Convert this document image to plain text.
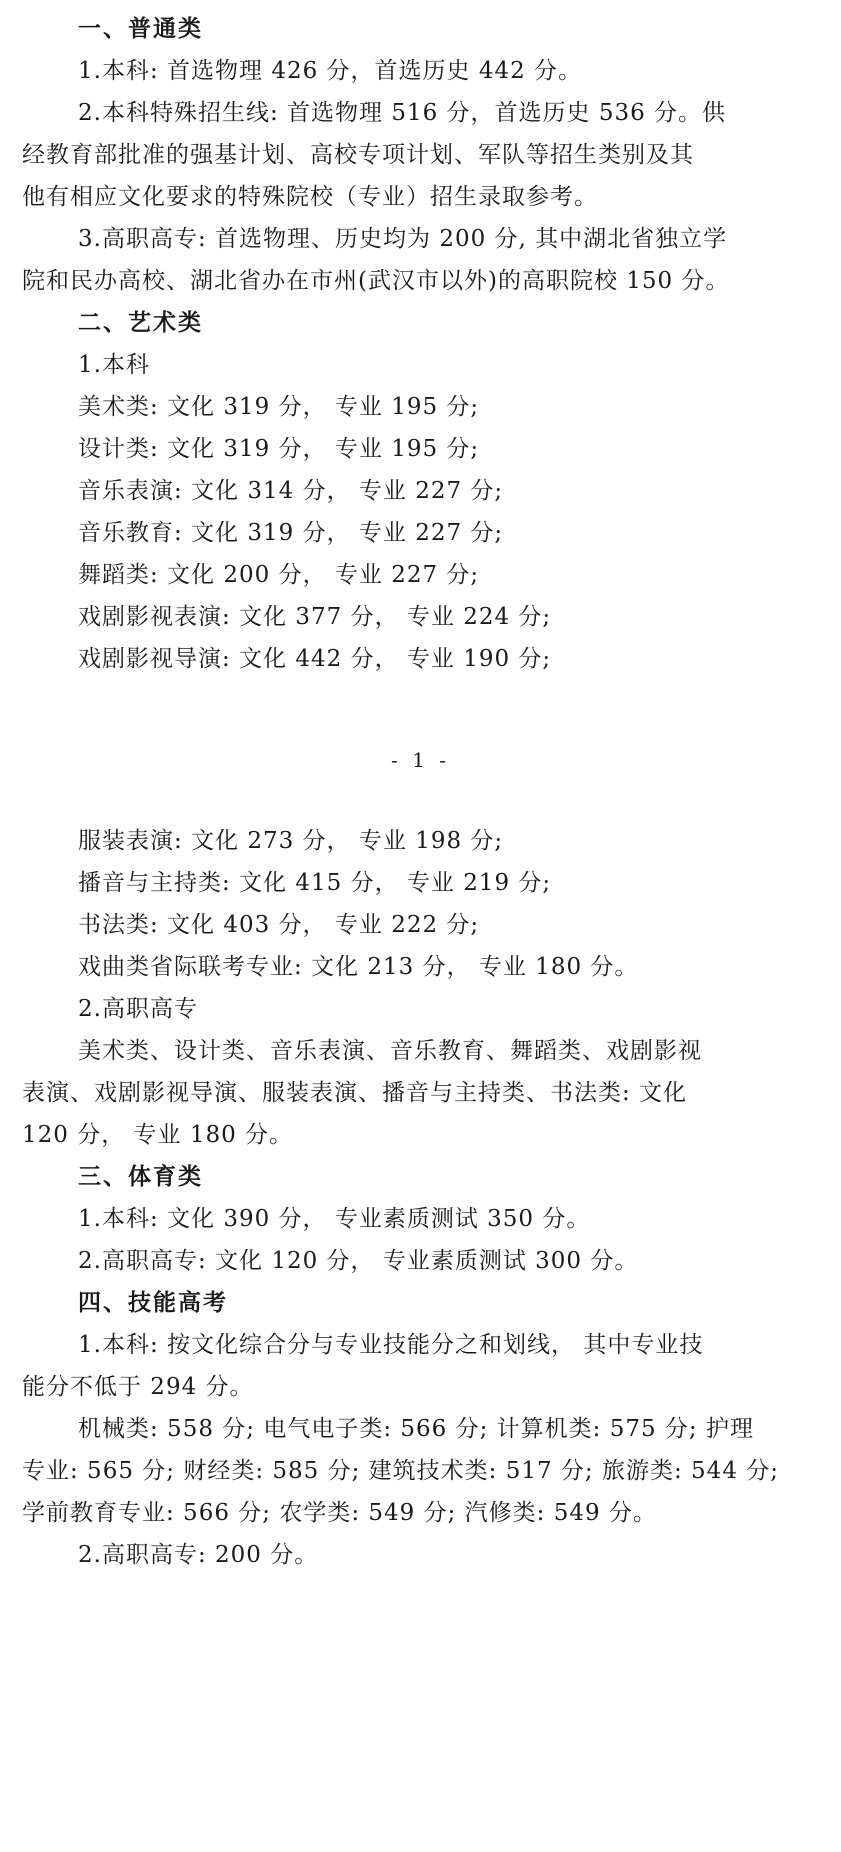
一、普通类
1.本科: 首选物理 426 分，首选历史 442 分。
2.本科特殊招生线: 首选物理 516 分，首选历史 536 分。供
经教育部批准的强基计划、高校专项计划、军队等招生类别及其
他有相应文化要求的特殊院校（专业）招生录取参考。
3.高职高专: 首选物理、历史均为 200 分, 其中湖北省独立学
院和民办高校、湖北省办在市州(武汉市以外)的高职院校 150 分。
二、艺术类
1.本科
美术类: 文化 319 分， 专业 195 分;
设计类: 文化 319 分， 专业 195 分;
音乐表演: 文化 314 分， 专业 227 分;
音乐教育: 文化 319 分， 专业 227 分;
舞蹈类: 文化 200 分， 专业 227 分;
戏剧影视表演: 文化 377 分， 专业 224 分;
戏剧影视导演: 文化 442 分， 专业 190 分;
- 1 -
服装表演: 文化 273 分， 专业 198 分;
播音与主持类: 文化 415 分， 专业 219 分;
书法类: 文化 403 分， 专业 222 分;
戏曲类省际联考专业: 文化 213 分， 专业 180 分。
2.高职高专
美术类、设计类、音乐表演、音乐教育、舞蹈类、戏剧影视
表演、戏剧影视导演、服装表演、播音与主持类、书法类: 文化
120 分， 专业 180 分。
三、体育类
1.本科: 文化 390 分， 专业素质测试 350 分。
2.高职高专: 文化 120 分， 专业素质测试 300 分。
四、技能高考
1.本科: 按文化综合分与专业技能分之和划线， 其中专业技
能分不低于 294 分。
机械类: 558 分; 电气电子类: 566 分; 计算机类: 575 分; 护理
专业: 565 分; 财经类: 585 分; 建筑技术类: 517 分; 旅游类: 544 分;
学前教育专业: 566 分; 农学类: 549 分; 汽修类: 549 分。
2.高职高专: 200 分。
